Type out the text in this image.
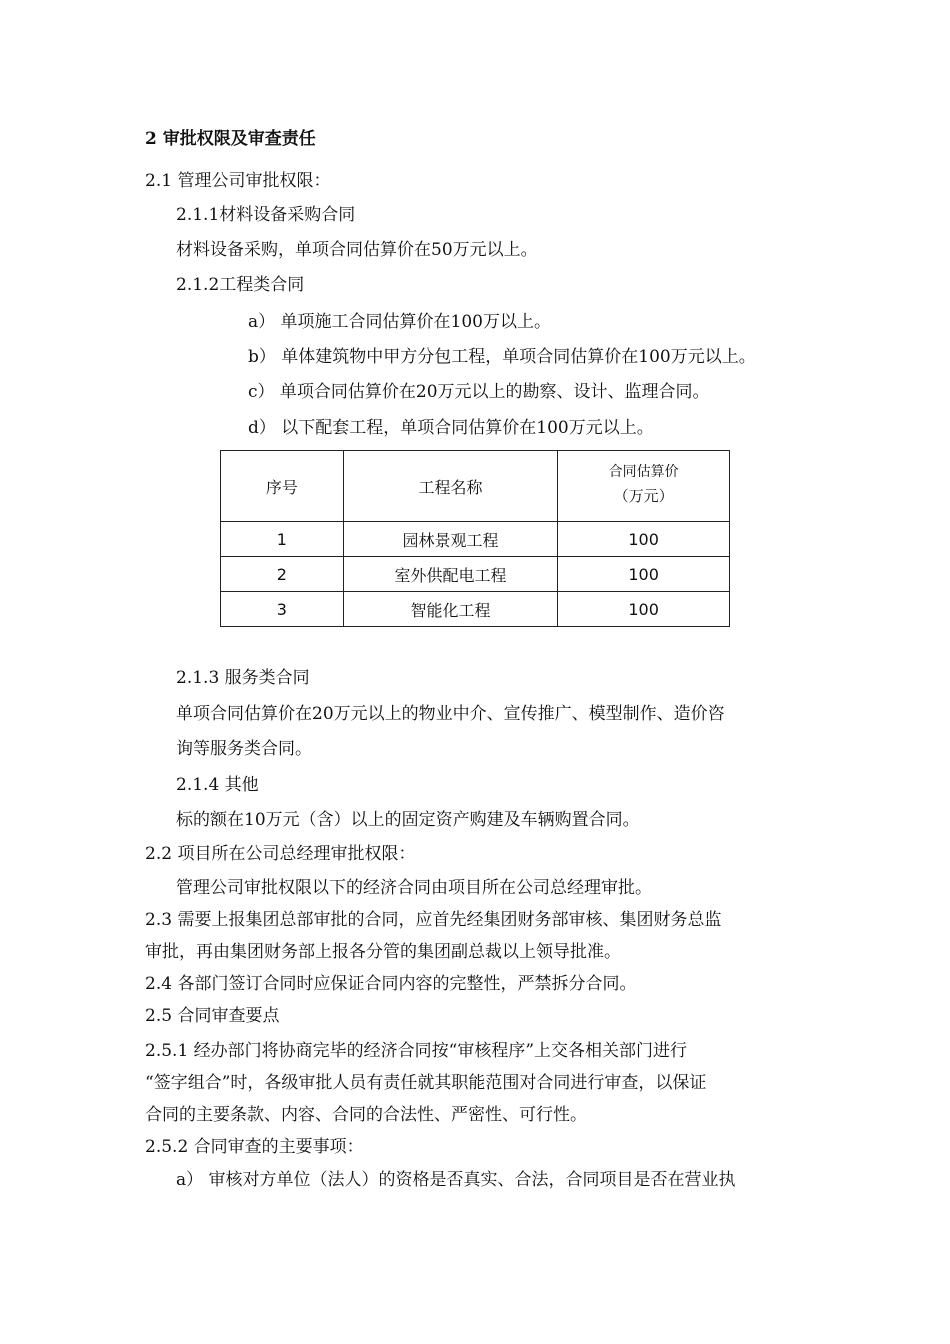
2 审批权限及审查责任
2.1 管理公司审批权限：
2.1.1材料设备采购合同
材料设备采购，单项合同估算价在50万元以上。
2.1.2工程类合同
a） 单项施工合同估算价在100万以上。
b） 单体建筑物中甲方分包工程，单项合同估算价在100万元以上。
c） 单项合同估算价在20万元以上的勘察、设计、监理合同。
d） 以下配套工程，单项合同估算价在100万元以上。
序号	工程名称	合同估算价
（万元）

1	园林景观工程	100
2	室外供配电工程	100
3	智能化工程	100
2.1.3 服务类合同
单项合同估算价在20万元以上的物业中介、宣传推广、模型制作、造价咨
询等服务类合同。
2.1.4 其他
标的额在10万元（含）以上的固定资产购建及车辆购置合同。
2.2 项目所在公司总经理审批权限：
管理公司审批权限以下的经济合同由项目所在公司总经理审批。
2.3 需要上报集团总部审批的合同，应首先经集团财务部审核、集团财务总监
审批，再由集团财务部上报各分管的集团副总裁以上领导批准。
2.4 各部门签订合同时应保证合同内容的完整性，严禁拆分合同。
2.5 合同审查要点
2.5.1 经办部门将协商完毕的经济合同按“审核程序”上交各相关部门进行
“签字组合”时，各级审批人员有责任就其职能范围对合同进行审查，以保证
合同的主要条款、内容、合同的合法性、严密性、可行性。
2.5.2 合同审查的主要事项：
a） 审核对方单位（法人）的资格是否真实、合法，合同项目是否在营业执
